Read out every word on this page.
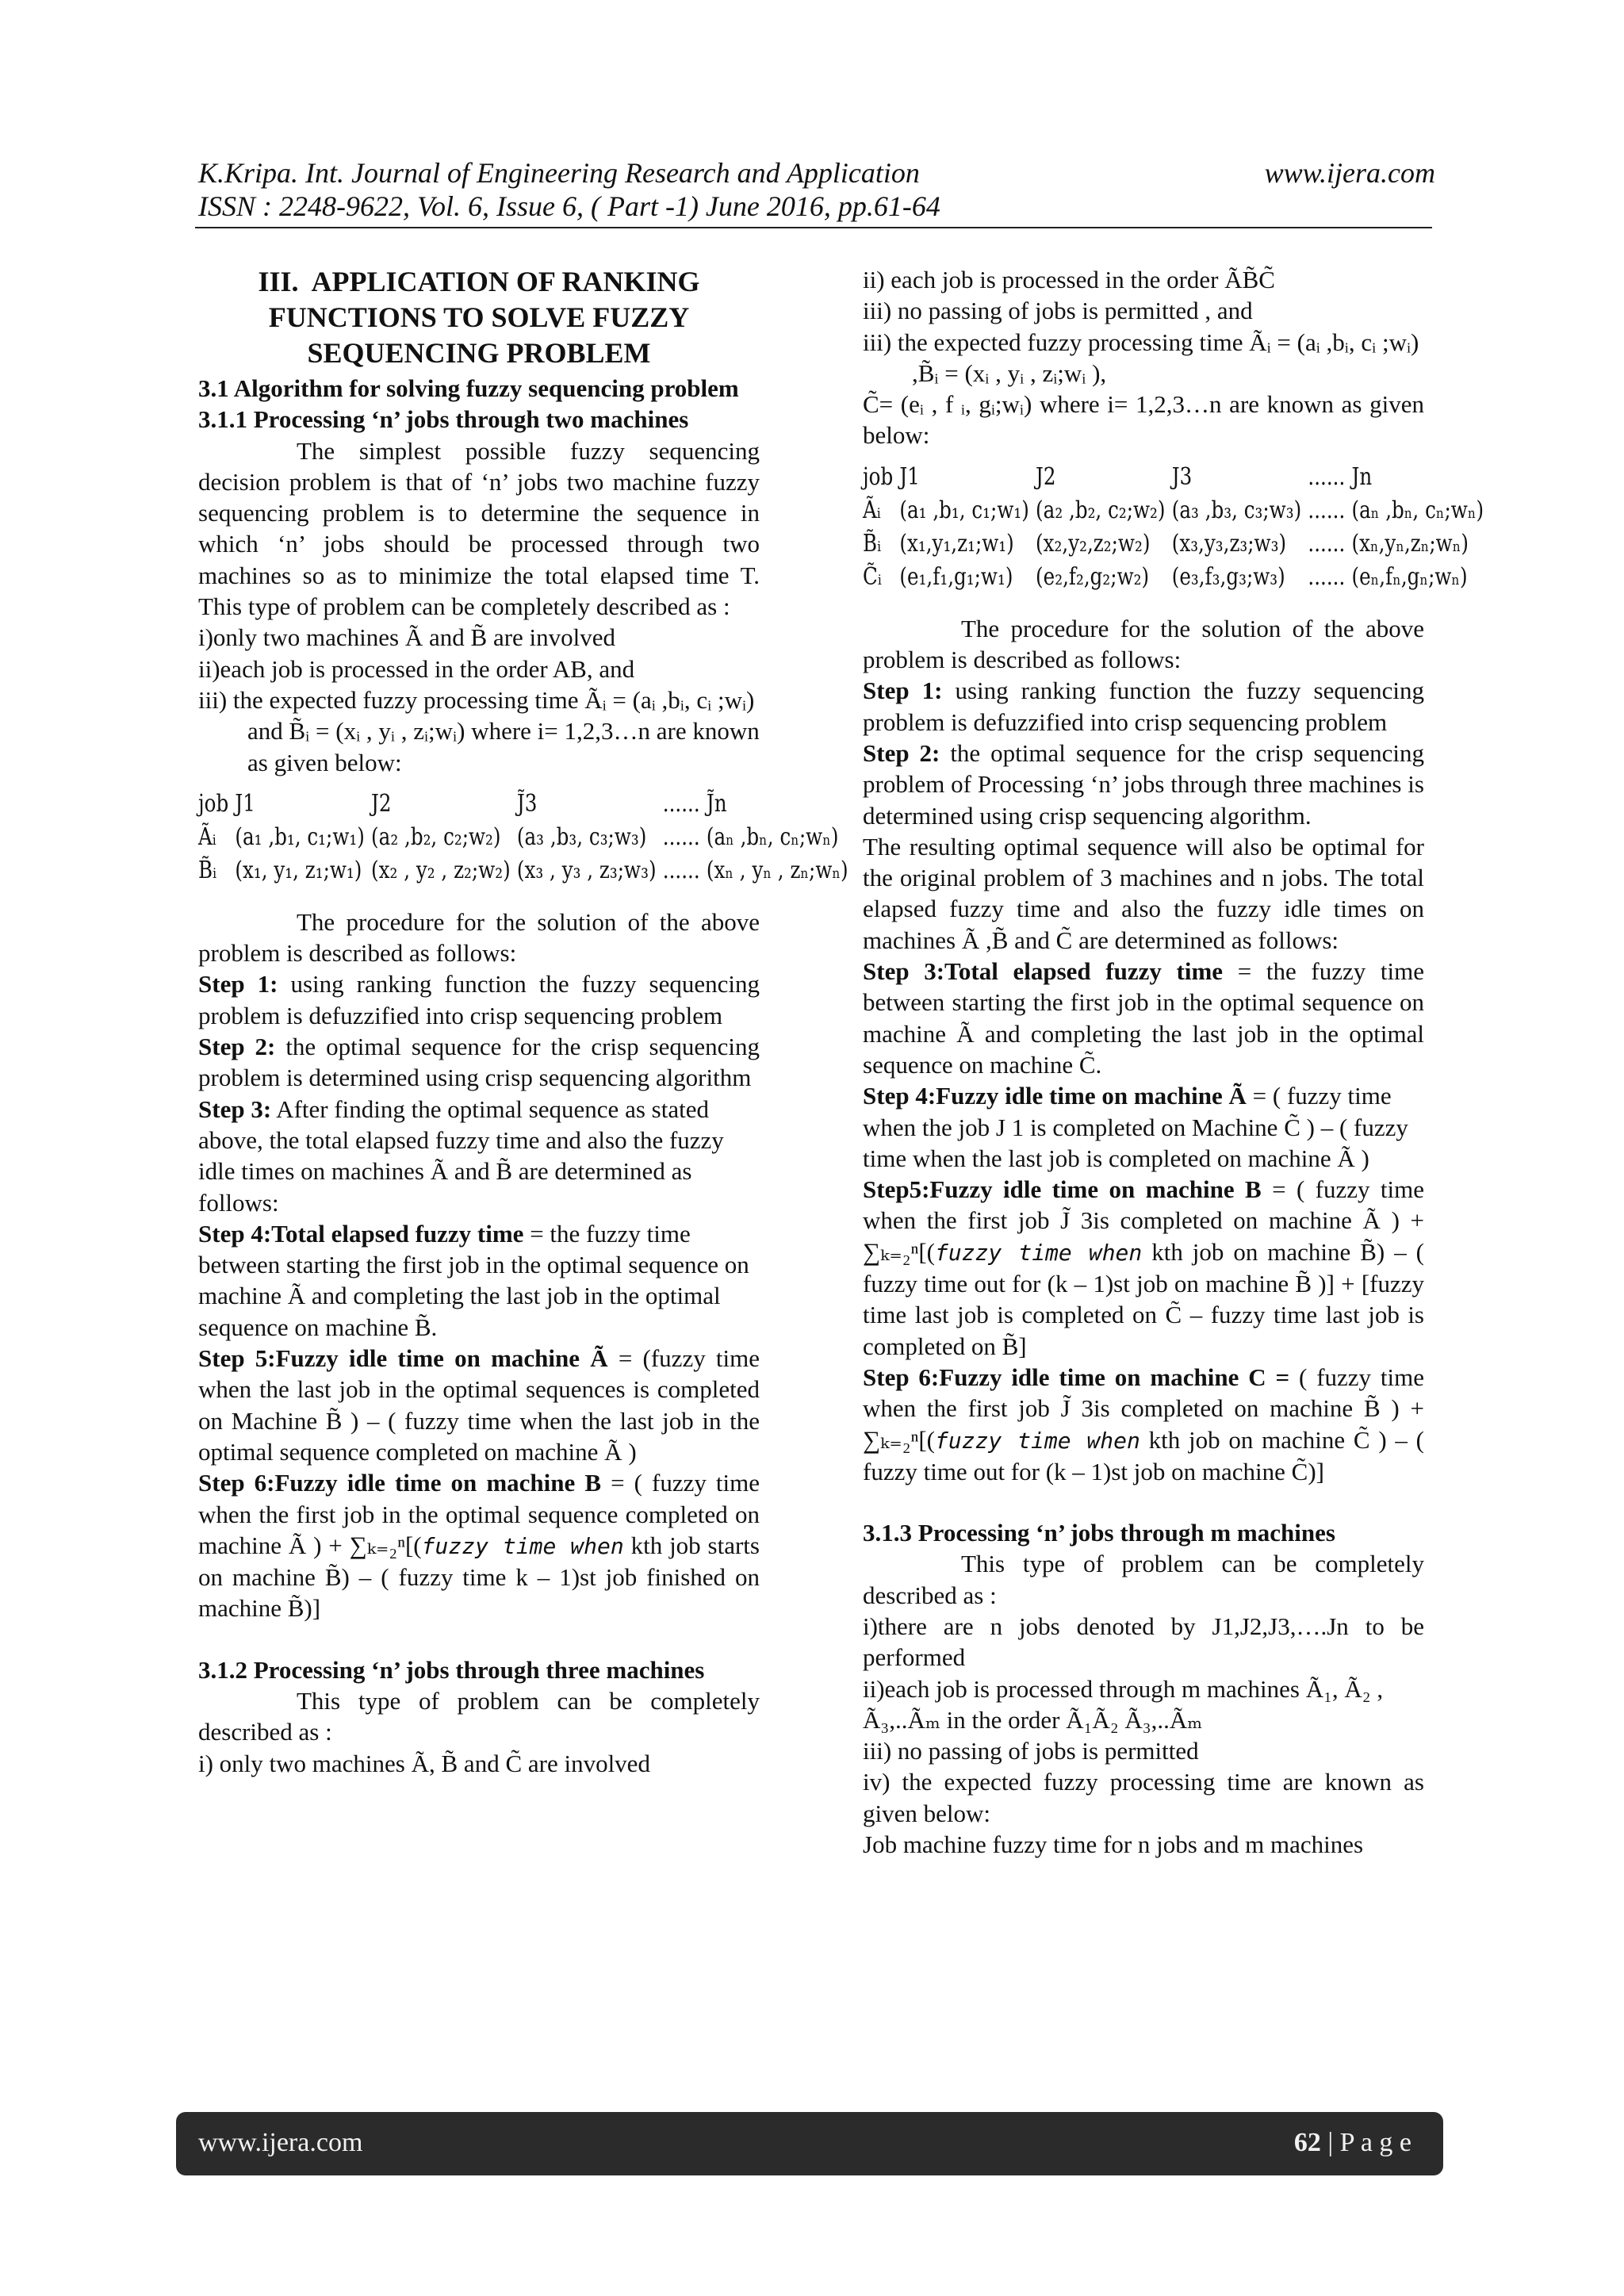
K.Kripa. Int. Journal of Engineering Research and Application	www.ijera.com
ISSN : 2248-9622, Vol. 6, Issue 6, ( Part -1) June 2016, pp.61-64
III. APPLICATION OF RANKING
FUNCTIONS TO SOLVE FUZZY
SEQUENCING PROBLEM

3.1 Algorithm for solving fuzzy sequencing problem

3.1.1 Processing ‘n’ jobs through two machines

The simplest possible fuzzy sequencing decision problem is that of ‘n’ jobs two machine fuzzy sequencing problem is to determine the sequence in which ‘n’ jobs should be processed through two machines so as to minimize the total elapsed time T. This type of problem can be completely described as :

i)only two machines Ã and B̃ are involved

ii)each job is processed in the order AB, and

iii) the expected fuzzy processing time Ãᵢ = (aᵢ ,bᵢ, cᵢ ;wᵢ) and B̃ᵢ = (xᵢ , yᵢ , zᵢ;wᵢ) where i= 1,2,3…n are known as given below:

job	J1	J2	J̃3	......	J̃n
Ãᵢ	(a₁ ,b₁, c₁;w₁)	(a₂ ,b₂, c₂;w₂)	(a₃ ,b₃, c₃;w₃)	......	(aₙ ,bₙ, cₙ;wₙ)
B̃ᵢ	(x₁, y₁, z₁;w₁)	(x₂ , y₂ , z₂;w₂)	(x₃ , y₃ , z₃;w₃)	......	(xₙ , yₙ , zₙ;wₙ)

The procedure for the solution of the above problem is described as follows:

Step 1: using ranking function the fuzzy sequencing problem is defuzzified into crisp sequencing problem

Step 2: the optimal sequence for the crisp sequencing problem is determined using crisp sequencing algorithm

Step 3: After finding the optimal sequence as stated above, the total elapsed fuzzy time and also the fuzzy idle times on machines Ã and B̃ are determined as follows:

Step 4:Total elapsed fuzzy time = the fuzzy time between starting the first job in the optimal sequence on machine Ã and completing the last job in the optimal sequence on machine B̃.

Step 5:Fuzzy idle time on machine Ã = (fuzzy time when the last job in the optimal sequences is completed on Machine B̃ ) – ( fuzzy time when the last job in the optimal sequence completed on machine Ã )

Step 6:Fuzzy idle time on machine B = ( fuzzy time when the first job in the optimal sequence completed on machine Ã ) + ∑ₖ₌₂ⁿ[(fuzzy time when kth job starts on machine B̃) – ( fuzzy time k – 1)st job finished on machine B̃)]

3.1.2 Processing ‘n’ jobs through three machines

This type of problem can be completely described as :

i) only two machines Ã, B̃ and C̃ are involved

ii) each job is processed in the order ÃB̃C̃

iii) no passing of jobs is permitted , and

iii) the expected fuzzy processing time Ãᵢ = (aᵢ ,bᵢ, cᵢ ;wᵢ) ,B̃ᵢ = (xᵢ , yᵢ , zᵢ;wᵢ ),

C̃= (eᵢ , f ᵢ, gᵢ;wᵢ) where i= 1,2,3…n are known as given below:

job	J1	J2	J3	......	Jn
Ãᵢ	(a₁ ,b₁, c₁;w₁)	(a₂ ,b₂, c₂;w₂)	(a₃ ,b₃, c₃;w₃)	......	(aₙ ,bₙ, cₙ;wₙ)
B̃ᵢ	(x₁,y₁,z₁;w₁)	(x₂,y₂,z₂;w₂)	(x₃,y₃,z₃;w₃)	......	(xₙ,yₙ,zₙ;wₙ)
C̃ᵢ	(e₁,f₁,g₁;w₁)	(e₂,f₂,g₂;w₂)	(e₃,f₃,g₃;w₃)	......	(eₙ,fₙ,gₙ;wₙ)

The procedure for the solution of the above problem is described as follows:

Step 1: using ranking function the fuzzy sequencing problem is defuzzified into crisp sequencing problem

Step 2: the optimal sequence for the crisp sequencing problem of Processing ‘n’ jobs through three machines is determined using crisp sequencing algorithm.

The resulting optimal sequence will also be optimal for the original problem of 3 machines and n jobs. The total elapsed fuzzy time and also the fuzzy idle times on machines Ã ,B̃ and C̃ are determined as follows:

Step 3:Total elapsed fuzzy time = the fuzzy time between starting the first job in the optimal sequence on machine Ã and completing the last job in the optimal sequence on machine C̃.

Step 4:Fuzzy idle time on machine Ã = ( fuzzy time when the job J 1 is completed on Machine C̃ ) – ( fuzzy time when the last job is completed on machine Ã )

Step5:Fuzzy idle time on machine B = ( fuzzy time when the first job J̃ 3is completed on machine Ã ) + ∑ₖ₌₂ⁿ[(fuzzy time when kth job on machine B̃) – ( fuzzy time out for (k – 1)st job on machine B̃ )] + [fuzzy time last job is completed on C̃ – fuzzy time last job is completed on B̃]

Step 6:Fuzzy idle time on machine C = ( fuzzy time when the first job J̃ 3is completed on machine B̃ ) + ∑ₖ₌₂ⁿ[(fuzzy time when kth job on machine C̃ ) – ( fuzzy time out for (k – 1)st job on machine C̃)]

3.1.3 Processing ‘n’ jobs through m machines

This type of problem can be completely described as :

i)there are n jobs denoted by J1,J2,J3,….Jn to be performed

ii)each job is processed through m machines Ã₁, Ã₂ , Ã₃,..Ãₘ in the order Ã₁Ã₂ Ã₃,..Ãₘ

iii) no passing of jobs is permitted

iv) the expected fuzzy processing time are known as given below:

Job machine fuzzy time for n jobs and m machines

www.ijera.com	62 | P a g e
